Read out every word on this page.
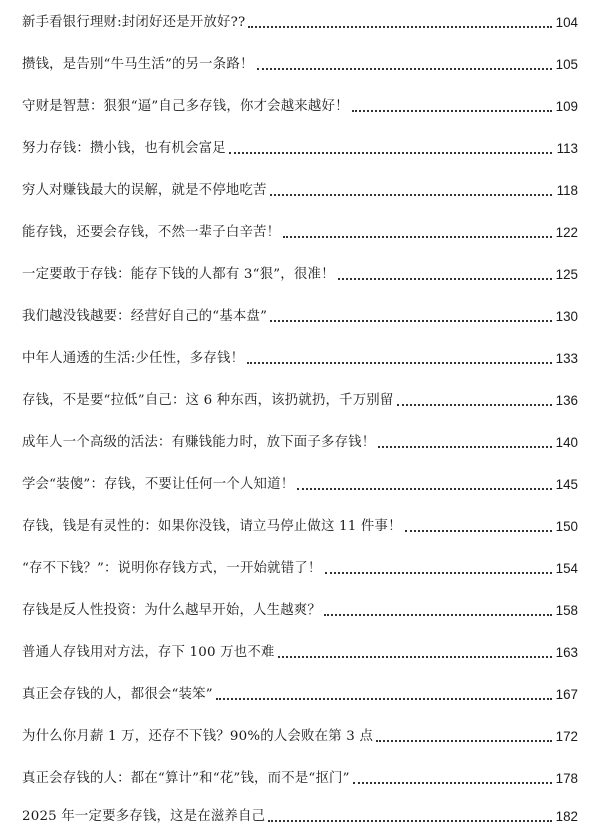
新手看银行理财:封闭好还是开放好??	104
攒钱，是告别“牛马生活”的另一条路！	105
守财是智慧：狠狠“逼”自己多存钱，你才会越来越好！	109
努力存钱：攒小钱，也有机会富足	113
穷人对赚钱最大的误解，就是不停地吃苦	118
能存钱，还要会存钱，不然一辈子白辛苦！	122
一定要敢于存钱：能存下钱的人都有 3“狠”，很准！	125
我们越没钱越要：经营好自己的“基本盘”	130
中年人通透的生活:少任性，多存钱！	133
存钱，不是要“拉低”自己：这 6 种东西，该扔就扔，千万别留	136
成年人一个高级的活法：有赚钱能力时，放下面子多存钱！	140
学会“装傻”：存钱，不要让任何一个人知道！	145
存钱，钱是有灵性的：如果你没钱，请立马停止做这 11 件事！	150
“存不下钱？”：说明你存钱方式，一开始就错了！	154
存钱是反人性投资：为什么越早开始，人生越爽？	158
普通人存钱用对方法，存下 100 万也不难	163
真正会存钱的人，都很会“装笨”	167
为什么你月薪 1 万，还存不下钱？90%的人会败在第 3 点	172
真正会存钱的人：都在“算计”和“花”钱，而不是“抠门”	178
2025 年一定要多存钱，这是在滋养自己	182
